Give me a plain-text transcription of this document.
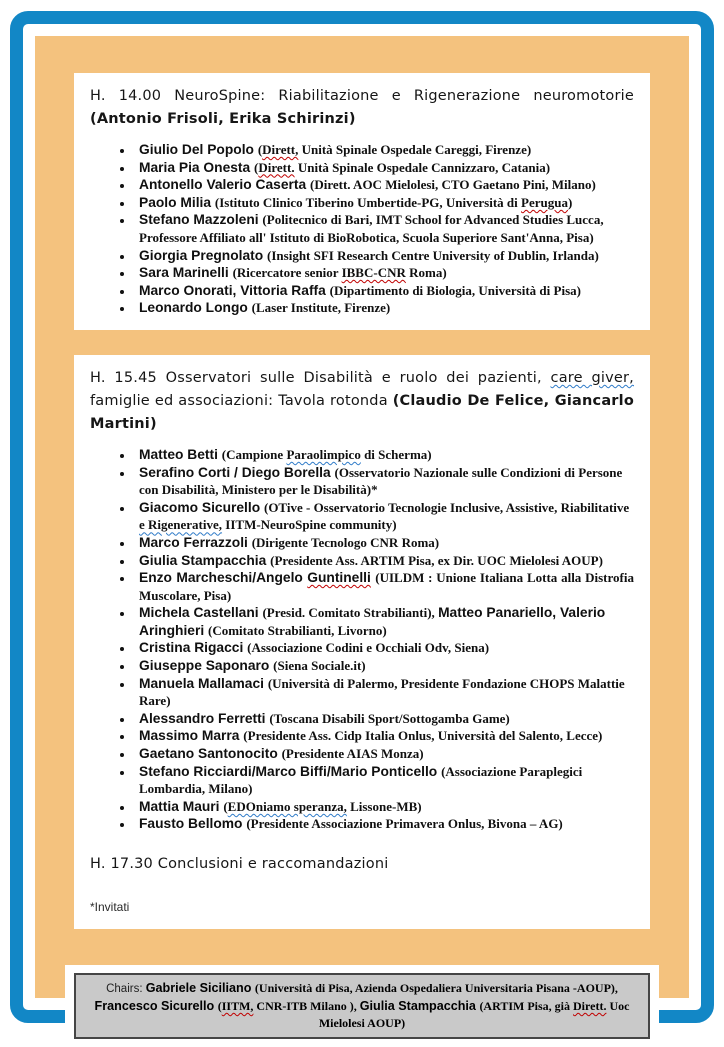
H. 14.00 NeuroSpine: Riabilitazione e Rigenerazione neuromotorie (Antonio Frisoli, Erika Schirinzi)

• Giulio Del Popolo (Dirett, Unità Spinale Ospedale Careggi, Firenze)
• Maria Pia Onesta (Dirett. Unità Spinale Ospedale Cannizzaro, Catania)
• Antonello Valerio Caserta (Dirett. AOC Mielolesi, CTO Gaetano Pini, Milano)
• Paolo Milia (Istituto Clinico Tiberino Umbertide-PG, Università di Perugua)
• Stefano Mazzoleni (Politecnico di Bari, IMT School for Advanced Studies Lucca, Professore Affiliato all' Istituto di BioRobotica, Scuola Superiore Sant'Anna, Pisa)
• Giorgia Pregnolato (Insight SFI Research Centre University of Dublin, Irlanda)
• Sara Marinelli (Ricercatore senior IBBC-CNR Roma)
• Marco Onorati, Vittoria Raffa (Dipartimento di Biologia, Università di Pisa)
• Leonardo Longo (Laser Institute, Firenze)

H. 15.45 Osservatori sulle Disabilità e ruolo dei pazienti, care giver, famiglie ed associazioni: Tavola rotonda (Claudio De Felice, Giancarlo Martini)

• Matteo Betti (Campione Paraolimpico di Scherma)
• Serafino Corti / Diego Borella (Osservatorio Nazionale sulle Condizioni di Persone con Disabilità, Ministero per le Disabilità)*
• Giacomo Sicurello (OTive - Osservatorio Tecnologie Inclusive, Assistive, Riabilitative e Rigenerative, IITM-NeuroSpine community)
• Marco Ferrazzoli (Dirigente Tecnologo CNR Roma)
• Giulia Stampacchia (Presidente Ass. ARTIM Pisa, ex Dir. UOC Mielolesi AOUP)
• Enzo Marcheschi/Angelo Guntinelli (UILDM : Unione Italiana Lotta alla Distrofia Muscolare, Pisa)
• Michela Castellani (Presid. Comitato Strabilianti), Matteo Panariello, Valerio Aringhieri (Comitato Strabilianti, Livorno)
• Cristina Rigacci (Associazione Codini e Occhiali Odv, Siena)
• Giuseppe Saponaro (Siena Sociale.it)
• Manuela Mallamaci (Università di Palermo, Presidente Fondazione CHOPS Malattie Rare)
• Alessandro Ferretti (Toscana Disabili Sport/Sottogamba Game)
• Massimo Marra (Presidente Ass. Cidp Italia Onlus, Università del Salento, Lecce)
• Gaetano Santonocito (Presidente AIAS Monza)
• Stefano Ricciardi/Marco Biffi/Mario Ponticello (Associazione Paraplegici Lombardia, Milano)
• Mattia Mauri (EDOniamo speranza, Lissone-MB)
• Fausto Bellomo (Presidente Associazione Primavera Onlus, Bivona – AG)

H. 17.30 Conclusioni e raccomandazioni

*Invitati

Chairs: Gabriele Siciliano (Università di Pisa, Azienda Ospedaliera Universitaria Pisana -AOUP), Francesco Sicurello (IITM, CNR-ITB Milano ), Giulia Stampacchia (ARTIM Pisa, già Dirett. Uoc Mielolesi AOUP)
